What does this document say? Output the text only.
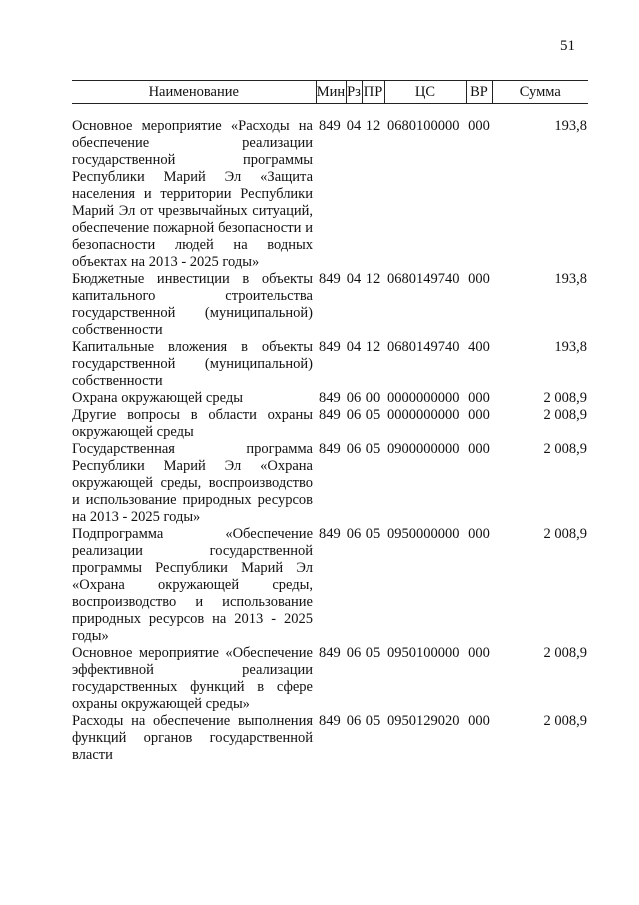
51
Наименование	Мин	Рз	ПР	ЦС	ВР	Сумма

Основное мероприятие «Расходы на обеспечение реализации государственной программы Республики Марий Эл «Защита населения и территории Республики Марий Эл от чрезвычайных ситуаций, обеспечение пожарной безопасности и безопасности людей на водных объектах на 2013 - 2025 годы»	849	04	12	0680100000	000	193,8
Бюджетные инвестиции в объекты капитального строительства государственной (муниципальной) собственности	849	04	12	0680149740	000	193,8
Капитальные вложения в объекты государственной (муниципальной) собственности	849	04	12	0680149740	400	193,8
Охрана окружающей среды	849	06	00	0000000000	000	2 008,9
Другие вопросы в области охраны окружающей среды	849	06	05	0000000000	000	2 008,9
Государственная программа Республики Марий Эл «Охрана окружающей среды, воспроизводство и использование природных ресурсов на 2013 - 2025 годы»	849	06	05	0900000000	000	2 008,9
Подпрограмма «Обеспечение реализации государственной программы Республики Марий Эл «Охрана окружающей среды, воспроизводство и использование природных ресурсов на 2013 - 2025 годы»	849	06	05	0950000000	000	2 008,9
Основное мероприятие «Обеспечение эффективной реализации государственных функций в сфере охраны окружающей среды»	849	06	05	0950100000	000	2 008,9
Расходы на обеспечение выполнения функций органов государственной власти	849	06	05	0950129020	000	2 008,9
